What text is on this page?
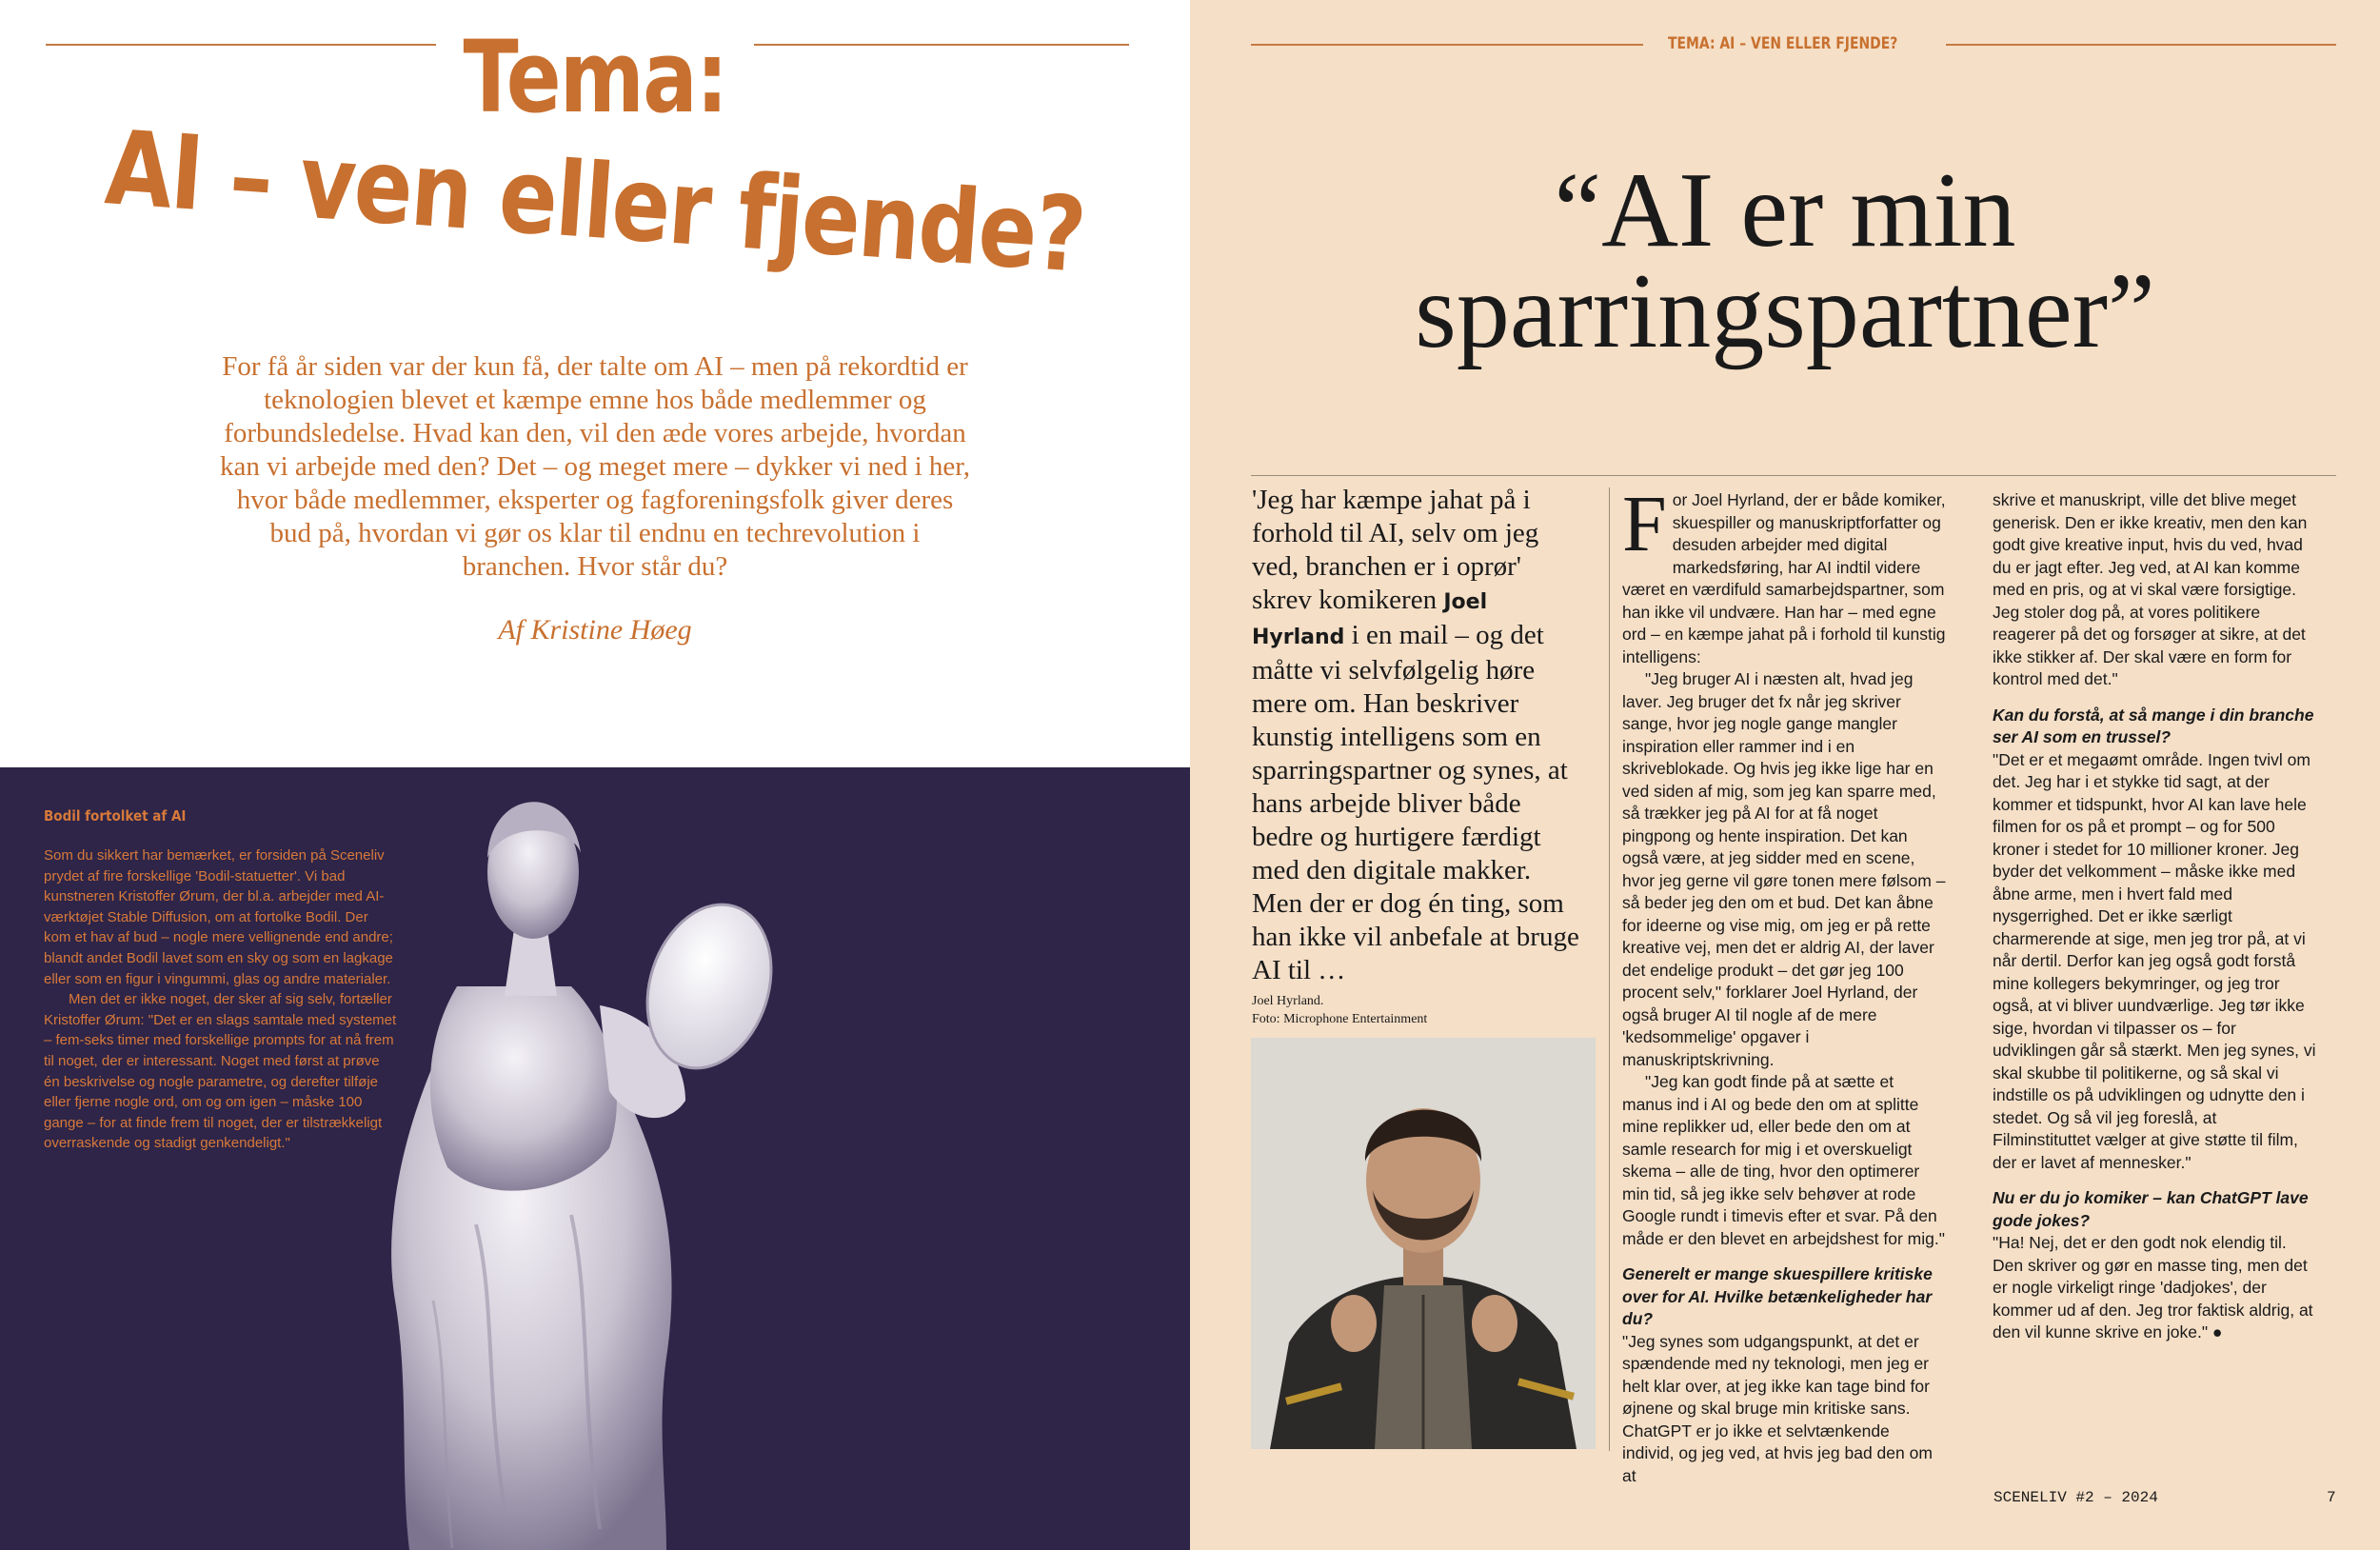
Tema:
AI – ven eller fjende?

For få år siden var der kun få, der talte om AI – men på rekordtid er teknologien blevet et kæmpe emne hos både medlemmer og forbundsledelse. Hvad kan den, vil den æde vores arbejde, hvordan kan vi arbejde med den? Det – og meget mere – dykker vi ned i her, hvor både medlemmer, eksperter og fagforeningsfolk giver deres bud på, hvordan vi gør os klar til endnu en techrevolution i branchen. Hvor står du?

Af Kristine Høeg

Bodil fortolket af AI

Som du sikkert har bemærket, er forsiden på Sceneliv prydet af fire forskellige 'Bodil-statuetter'. Vi bad kunstneren Kristoffer Ørum, der bl.a. arbejder med AI-værktøjet Stable Diffusion, om at fortolke Bodil. Der kom et hav af bud – nogle mere vellignende end andre; blandt andet Bodil lavet som en sky og som en lagkage eller som en figur i vingummi, glas og andre materialer.

Men det er ikke noget, der sker af sig selv, fortæller Kristoffer Ørum: "Det er en slags samtale med systemet – fem-seks timer med forskellige prompts for at nå frem til noget, der er interessant. Noget med først at prøve én beskrivelse og nogle parametre, og derefter tilføje eller fjerne nogle ord, om og om igen – måske 100 gange – for at finde frem til noget, der er tilstrækkeligt overraskende og stadigt genkendeligt."

TEMA: AI – VEN ELLER FJENDE?

“AI er min sparringspartner”

'Jeg har kæmpe jahat på i forhold til AI, selv om jeg ved, branchen er i oprør' skrev komikeren Joel Hyrland i en mail – og det måtte vi selvfølgelig høre mere om. Han beskriver kunstig intelligens som en sparringspartner og synes, at hans arbejde bliver både bedre og hurtigere færdigt med den digitale makker. Men der er dog én ting, som han ikke vil anbefale at bruge AI til …

Joel Hyrland.
Foto: Microphone Entertainment

For Joel Hyrland, der er både komiker, skuespiller og manuskriptforfatter og desuden arbejder med digital markedsføring, har AI indtil videre været en værdifuld samarbejdspartner, som han ikke vil undvære. Han har – med egne ord – en kæmpe jahat på i forhold til kunstig intelligens:

"Jeg bruger AI i næsten alt, hvad jeg laver. Jeg bruger det fx når jeg skriver sange, hvor jeg nogle gange mangler inspiration eller rammer ind i en skriveblokade. Og hvis jeg ikke lige har en ved siden af mig, som jeg kan sparre med, så trækker jeg på AI for at få noget pingpong og hente inspiration. Det kan også være, at jeg sidder med en scene, hvor jeg gerne vil gøre tonen mere følsom – så beder jeg den om et bud. Det kan åbne for ideerne og vise mig, om jeg er på rette kreative vej, men det er aldrig AI, der laver det endelige produkt – det gør jeg 100 procent selv," forklarer Joel Hyrland, der også bruger AI til nogle af de mere 'kedsommelige' opgaver i manuskriptskrivning.

"Jeg kan godt finde på at sætte et manus ind i AI og bede den om at splitte mine replikker ud, eller bede den om at samle research for mig i et overskueligt skema – alle de ting, hvor den optimerer min tid, så jeg ikke selv behøver at rode Google rundt i timevis efter et svar. På den måde er den blevet en arbejdshest for mig."

Generelt er mange skuespillere kritiske over for AI. Hvilke betænkeligheder har du?

"Jeg synes som udgangspunkt, at det er spændende med ny teknologi, men jeg er helt klar over, at jeg ikke kan tage bind for øjnene og skal bruge min kritiske sans. ChatGPT er jo ikke et selvtænkende individ, og jeg ved, at hvis jeg bad den om at

skrive et manuskript, ville det blive meget generisk. Den er ikke kreativ, men den kan godt give kreative input, hvis du ved, hvad du er jagt efter. Jeg ved, at AI kan komme med en pris, og at vi skal være forsigtige. Jeg stoler dog på, at vores politikere reagerer på det og forsøger at sikre, at det ikke stikker af. Der skal være en form for kontrol med det."

Kan du forstå, at så mange i din branche ser AI som en trussel?

"Det er et megaømt område. Ingen tvivl om det. Jeg har i et stykke tid sagt, at der kommer et tidspunkt, hvor AI kan lave hele filmen for os på et prompt – og for 500 kroner i stedet for 10 millioner kroner. Jeg byder det velkomment – måske ikke med åbne arme, men i hvert fald med nysgerrighed. Det er ikke særligt charmerende at sige, men jeg tror på, at vi når dertil. Derfor kan jeg også godt forstå mine kollegers bekymringer, og jeg tror også, at vi bliver uundværlige. Jeg tør ikke sige, hvordan vi tilpasser os – for udviklingen går så stærkt. Men jeg synes, vi skal skubbe til politikerne, og så skal vi indstille os på udviklingen og udnytte den i stedet. Og så vil jeg foreslå, at Filminstituttet vælger at give støtte til film, der er lavet af mennesker."

Nu er du jo komiker – kan ChatGPT lave gode jokes?

"Ha! Nej, det er den godt nok elendig til. Den skriver og gør en masse ting, men det er nogle virkeligt ringe 'dadjokes', der kommer ud af den. Jeg tror faktisk aldrig, at den vil kunne skrive en joke." ●

SCENELIV #2 – 2024	7
